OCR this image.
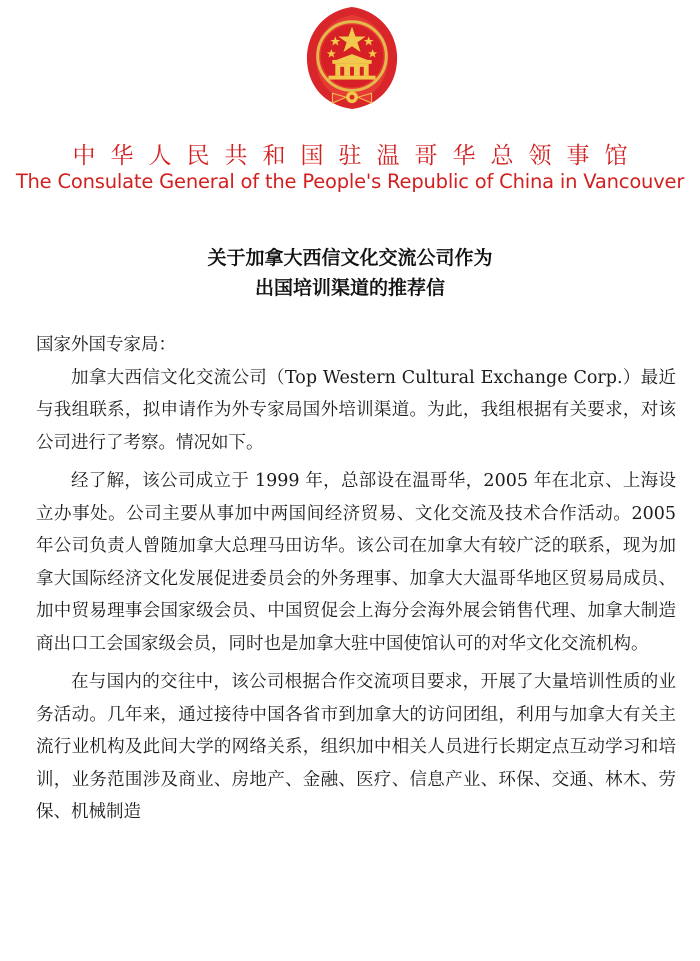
中华人民共和国驻温哥华总领事馆
The Consulate General of the People's Republic of China in Vancouver
关于加拿大西信文化交流公司作为
出国培训渠道的推荐信

国家外国专家局：

加拿大西信文化交流公司（Top Western Cultural Exchange Corp.）最近与我组联系，拟申请作为外专家局国外培训渠道。为此，我组根据有关要求，对该公司进行了考察。情况如下。

经了解，该公司成立于 1999 年，总部设在温哥华，2005 年在北京、上海设立办事处。公司主要从事加中两国间经济贸易、文化交流及技术合作活动。2005 年公司负责人曾随加拿大总理马田访华。该公司在加拿大有较广泛的联系，现为加拿大国际经济文化发展促进委员会的外务理事、加拿大大温哥华地区贸易局成员、加中贸易理事会国家级会员、中国贸促会上海分会海外展会销售代理、加拿大制造商出口工会国家级会员，同时也是加拿大驻中国使馆认可的对华文化交流机构。

在与国内的交往中，该公司根据合作交流项目要求，开展了大量培训性质的业务活动。几年来，通过接待中国各省市到加拿大的访问团组，利用与加拿大有关主流行业机构及此间大学的网络关系，组织加中相关人员进行长期定点互动学习和培训，业务范围涉及商业、房地产、金融、医疗、信息产业、环保、交通、林木、劳保、机械制造
